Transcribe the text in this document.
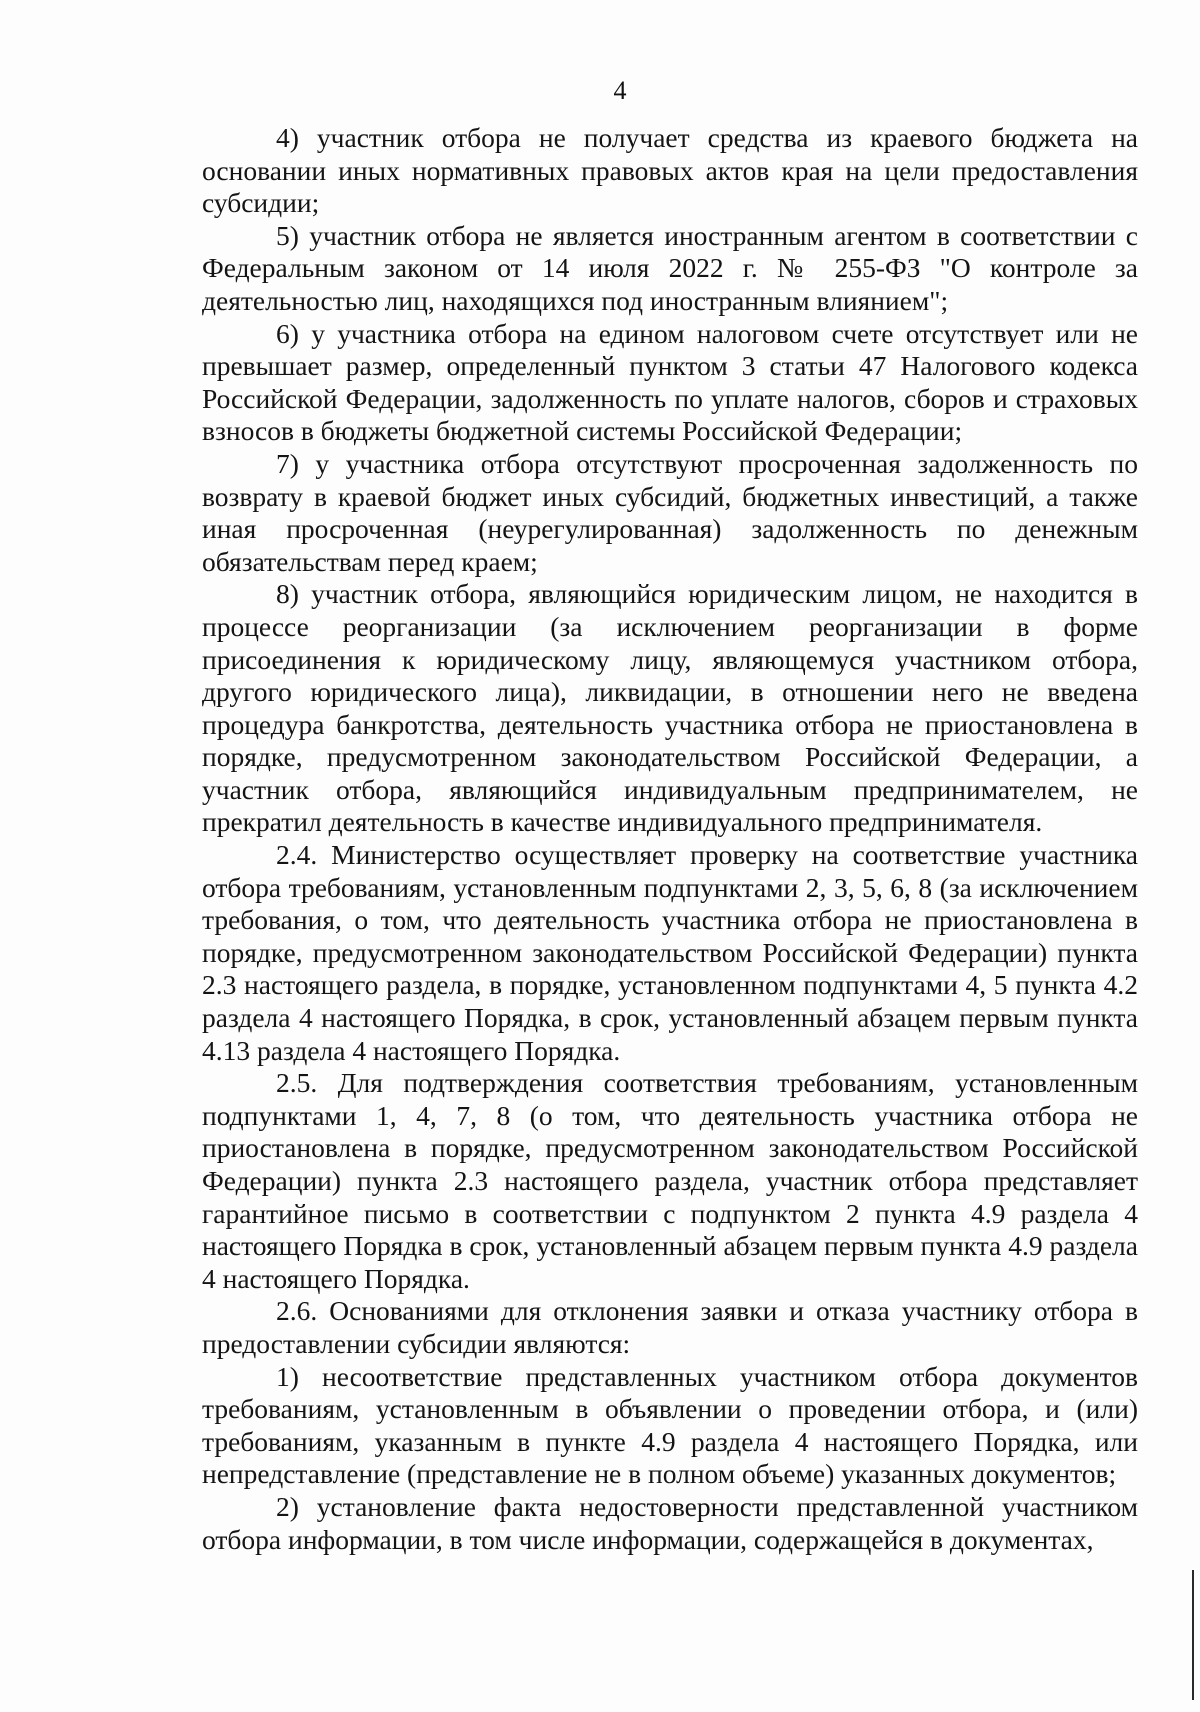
4

4) участник отбора не получает средства из краевого бюджета на основании иных нормативных правовых актов края на цели предоставления субсидии;

5) участник отбора не является иностранным агентом в соответствии с Федеральным законом от 14 июля 2022 г. № 255-ФЗ "О контроле за деятельностью лиц, находящихся под иностранным влиянием";

6) у участника отбора на едином налоговом счете отсутствует или не превышает размер, определенный пунктом 3 статьи 47 Налогового кодекса Российской Федерации, задолженность по уплате налогов, сборов и страховых взносов в бюджеты бюджетной системы Российской Федерации;

7) у участника отбора отсутствуют просроченная задолженность по возврату в краевой бюджет иных субсидий, бюджетных инвестиций, а также иная просроченная (неурегулированная) задолженность по денежным обязательствам перед краем;

8) участник отбора, являющийся юридическим лицом, не находится в процессе реорганизации (за исключением реорганизации в форме присоединения к юридическому лицу, являющемуся участником отбора, другого юридического лица), ликвидации, в отношении него не введена процедура банкротства, деятельность участника отбора не приостановлена в порядке, предусмотренном законодательством Российской Федерации, а участник отбора, являющийся индивидуальным предпринимателем, не прекратил деятельность в качестве индивидуального предпринимателя.

2.4. Министерство осуществляет проверку на соответствие участника отбора требованиям, установленным подпунктами 2, 3, 5, 6, 8 (за исключением требования, о том, что деятельность участника отбора не приостановлена в порядке, предусмотренном законодательством Российской Федерации) пункта 2.3 настоящего раздела, в порядке, установленном подпунктами 4, 5 пункта 4.2 раздела 4 настоящего Порядка, в срок, установленный абзацем первым пункта 4.13 раздела 4 настоящего Порядка.

2.5. Для подтверждения соответствия требованиям, установленным подпунктами 1, 4, 7, 8 (о том, что деятельность участника отбора не приостановлена в порядке, предусмотренном законодательством Российской Федерации) пункта 2.3 настоящего раздела, участник отбора представляет гарантийное письмо в соответствии с подпунктом 2 пункта 4.9 раздела 4 настоящего Порядка в срок, установленный абзацем первым пункта 4.9 раздела 4 настоящего Порядка.

2.6. Основаниями для отклонения заявки и отказа участнику отбора в предоставлении субсидии являются:

1) несоответствие представленных участником отбора документов требованиям, установленным в объявлении о проведении отбора, и (или) требованиям, указанным в пункте 4.9 раздела 4 настоящего Порядка, или непредставление (представление не в полном объеме) указанных документов;

2) установление факта недостоверности представленной участником отбора информации, в том числе информации, содержащейся в документах,
